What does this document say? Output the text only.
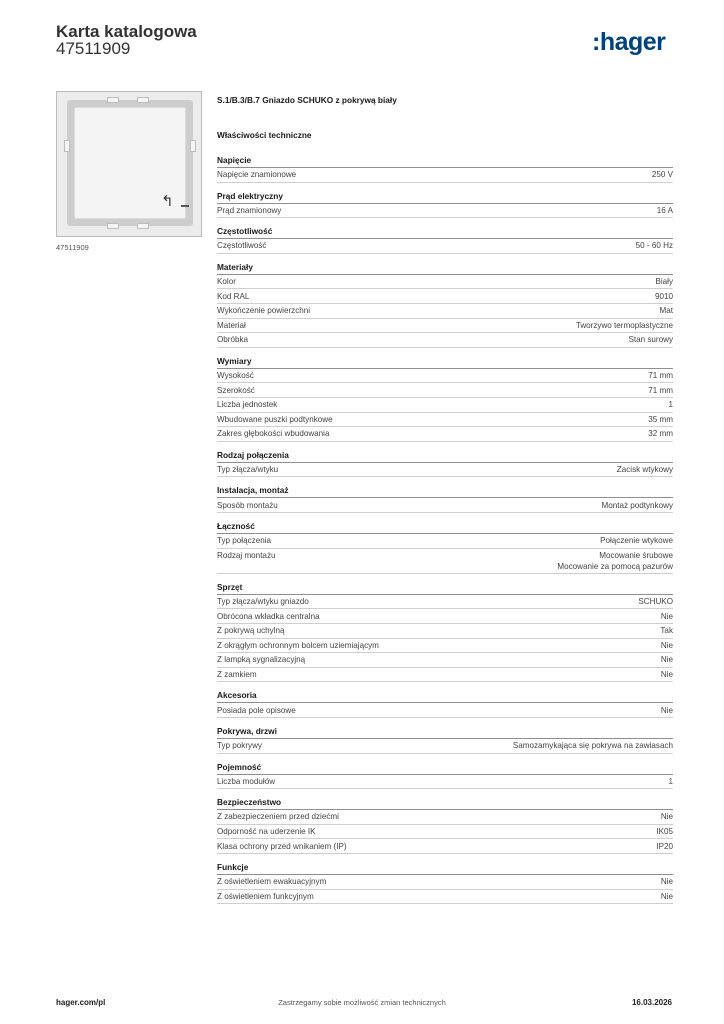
Karta katalogowa
47511909	:hager
↰
47511909
S.1/B.3/B.7 Gniazdo SCHUKO z pokrywą biały
Właściwości techniczne
Napięcie
Napięcie znamionowe	250 V
Prąd elektryczny
Prąd znamionowy	16 A
Częstotliwość
Częstotliwość	50 - 60 Hz
Materiały
Kolor	Biały
Kod RAL	9010
Wykończenie powierzchni	Mat
Materiał	Tworzywo termoplastyczne
Obróbka	Stan surowy
Wymiary
Wysokość	71 mm
Szerokość	71 mm
Liczba jednostek	1
Wbudowane puszki podtynkowe	35 mm
Zakres głębokości wbudowania	32 mm
Rodzaj połączenia
Typ złącza/wtyku	Zacisk wtykowy
Instalacja, montaż
Sposób montażu	Montaż podtynkowy
Łączność
Typ połączenia	Połączenie wtykowe
Rodzaj montażu	Mocowanie śrubowe
Mocowanie za pomocą pazurów
Sprzęt
Typ złącza/wtyku gniazdo	SCHUKO
Obrócona wkładka centralna	Nie
Z pokrywą uchylną	Tak
Z okrągłym ochronnym bolcem uziemiającym	Nie
Z lampką sygnalizacyjną	Nie
Z zamkiem	Nie
Akcesoria
Posiada pole opisowe	Nie
Pokrywa, drzwi
Typ pokrywy	Samozamykająca się pokrywa na zawiasach
Pojemność
Liczba modułów	1
Bezpieczeństwo
Z zabezpieczeniem przed dziećmi	Nie
Odporność na uderzenie IK	IK05
Klasa ochrony przed wnikaniem (IP)	IP20
Funkcje
Z oświetleniem ewakuacyjnym	Nie
Z oświetleniem funkcyjnym	Nie
hager.com/pl	Zastrzegamy sobie możliwość zmian technicznych	16.03.2026
